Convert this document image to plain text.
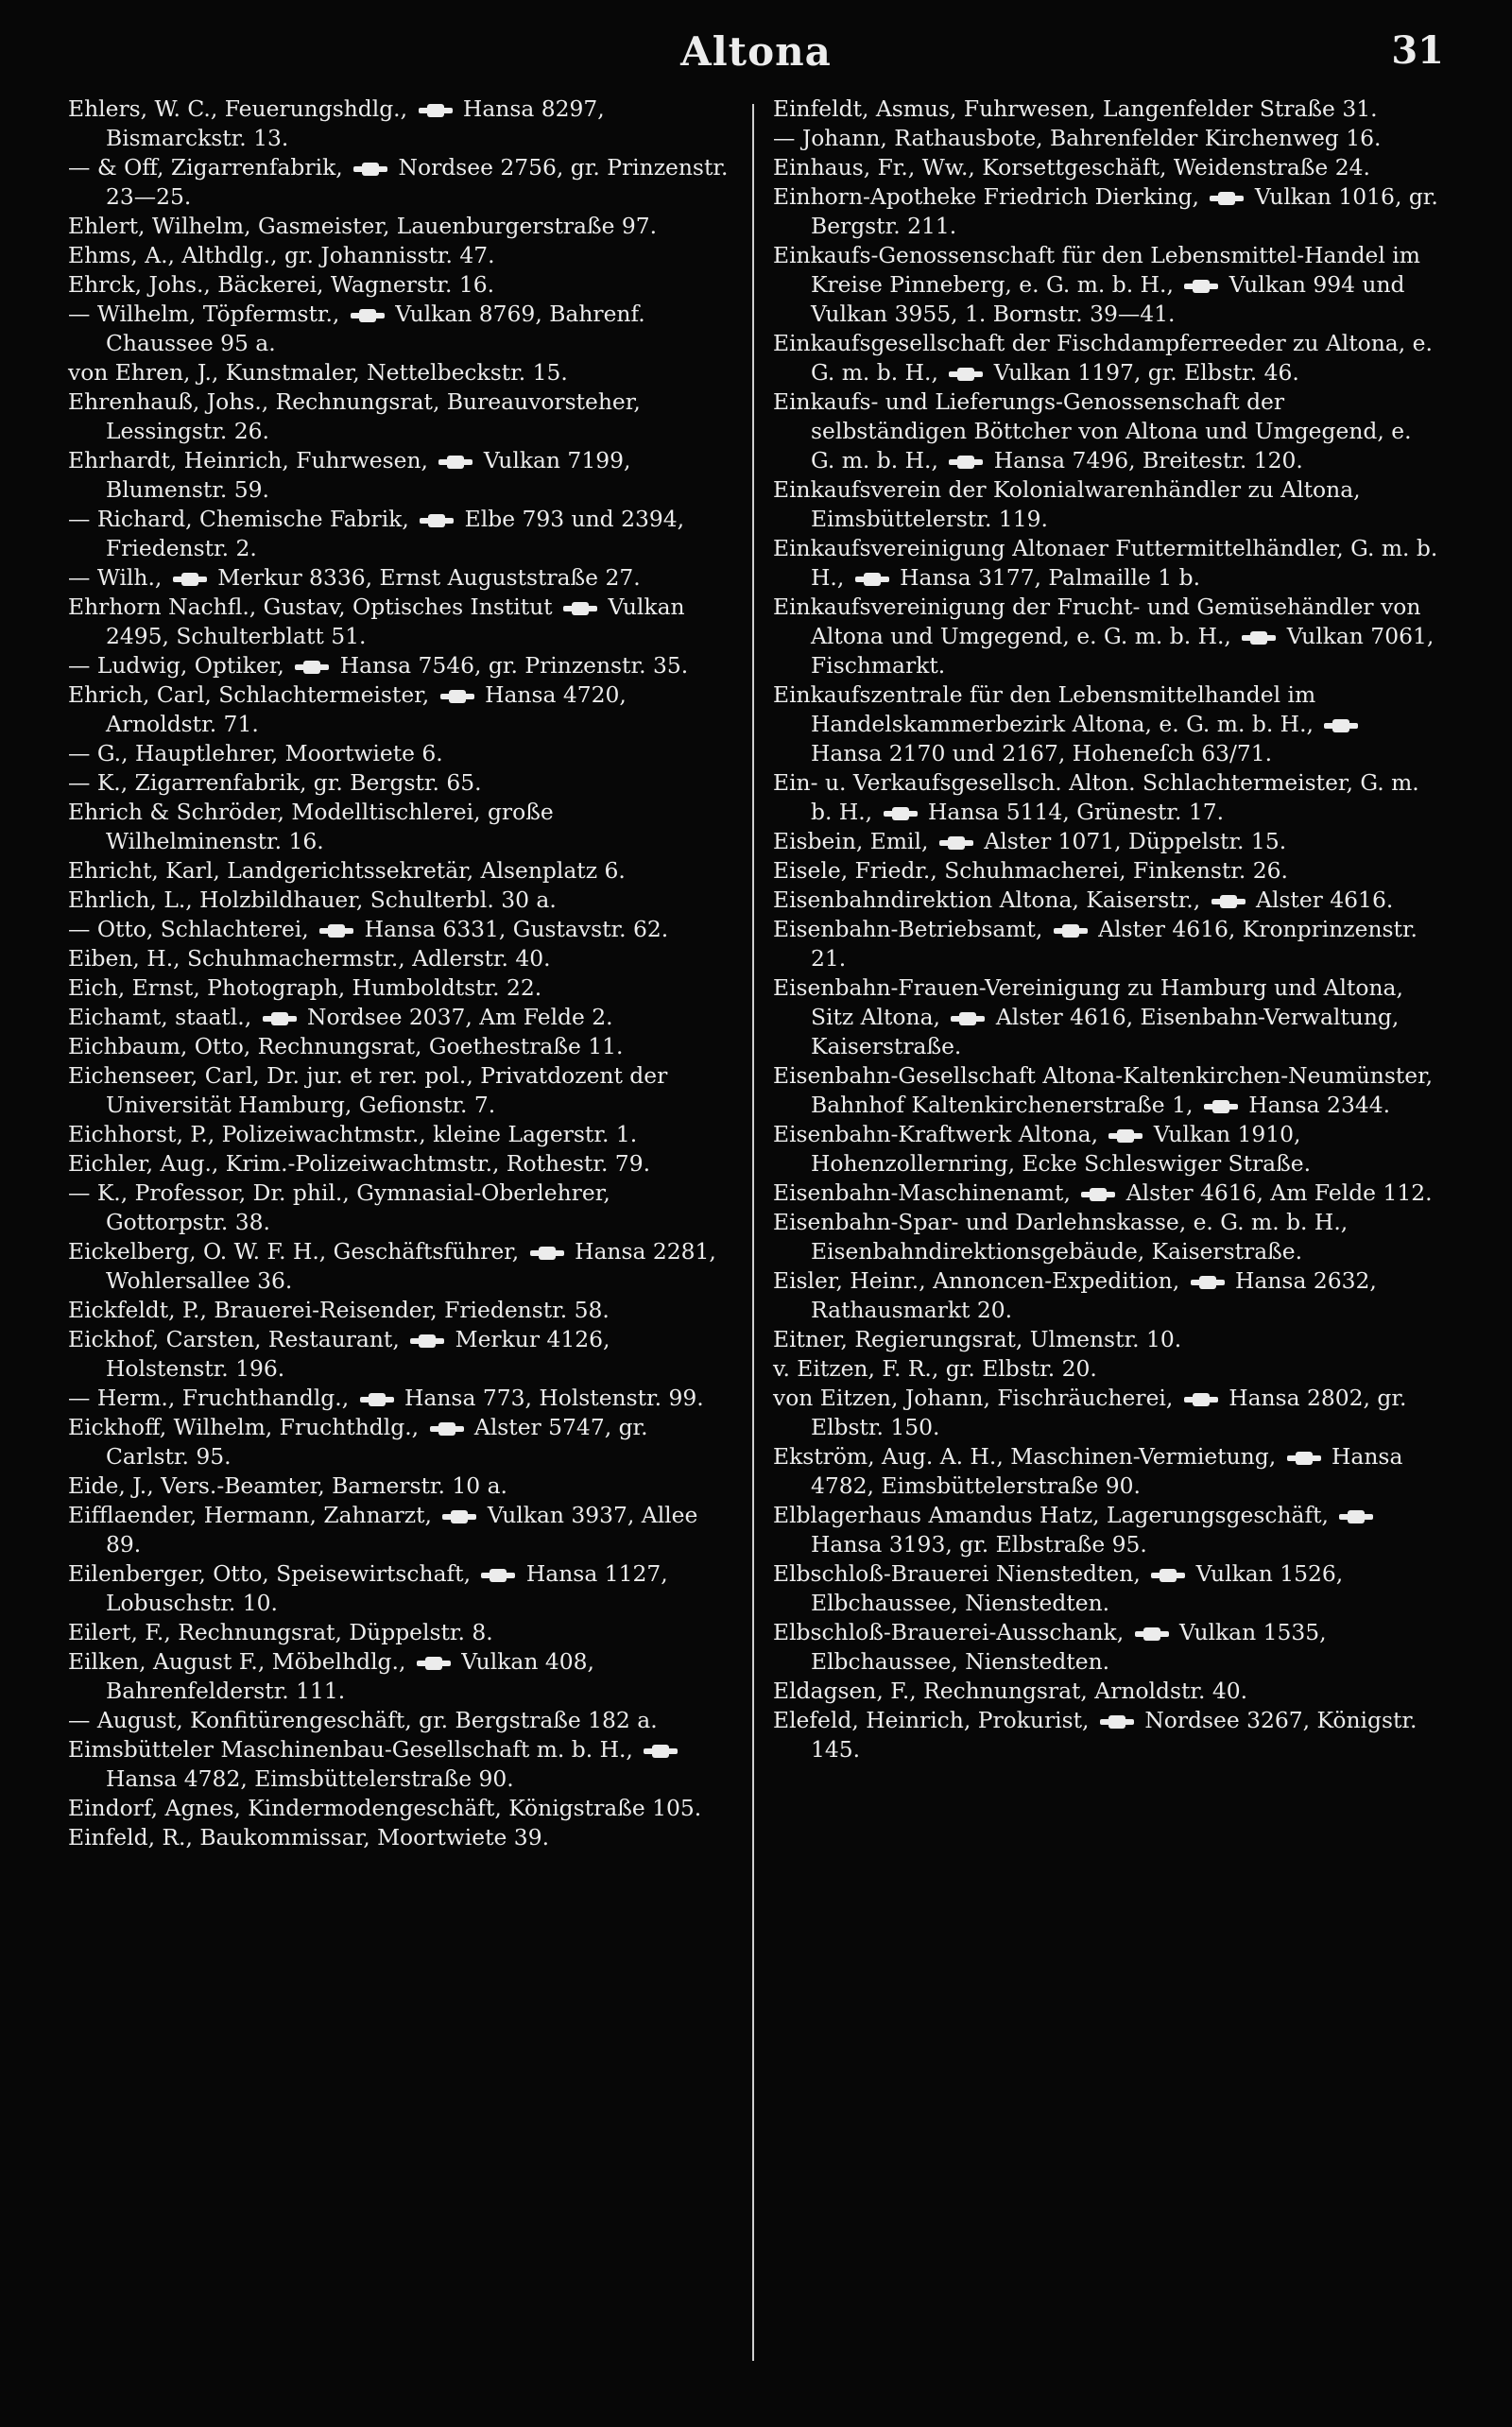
Altona	31

Ehlers, W. C., Feuerungshdlg.,  Hansa 8297, Bismarckstr. 13.

— & Off, Zigarrenfabrik,  Nordsee 2756, gr. Prinzenstr. 23—25.

Ehlert, Wilhelm, Gasmeister, Lauenburgerstraße 97.

Ehms, A., Althdlg., gr. Johannisstr. 47.

Ehrck, Johs., Bäckerei, Wagnerstr. 16.

— Wilhelm, Töpfermstr.,  Vulkan 8769, Bahrenf. Chaussee 95 a.

von Ehren, J., Kunstmaler, Nettelbeckstr. 15.

Ehrenhauß, Johs., Rechnungsrat, Bureauvorsteher, Lessingstr. 26.

Ehrhardt, Heinrich, Fuhrwesen,  Vulkan 7199, Blumenstr. 59.

— Richard, Chemische Fabrik,  Elbe 793 und 2394, Friedenstr. 2.

— Wilh.,  Merkur 8336, Ernst Auguststraße 27.

Ehrhorn Nachfl., Gustav, Optisches Institut  Vulkan 2495, Schulterblatt 51.

— Ludwig, Optiker,  Hansa 7546, gr. Prinzenstr. 35.

Ehrich, Carl, Schlachtermeister,  Hansa 4720, Arnoldstr. 71.

— G., Hauptlehrer, Moortwiete 6.

— K., Zigarrenfabrik, gr. Bergstr. 65.

Ehrich & Schröder, Modelltischlerei, große Wilhelminenstr. 16.

Ehricht, Karl, Landgerichtssekretär, Alsenplatz 6.

Ehrlich, L., Holzbildhauer, Schulterbl. 30 a.

— Otto, Schlachterei,  Hansa 6331, Gustavstr. 62.

Eiben, H., Schuhmachermstr., Adlerstr. 40.

Eich, Ernst, Photograph, Humboldtstr. 22.

Eichamt, staatl.,  Nordsee 2037, Am Felde 2.

Eichbaum, Otto, Rechnungsrat, Goethestraße 11.

Eichenseer, Carl, Dr. jur. et rer. pol., Privatdozent der Universität Hamburg, Gefionstr. 7.

Eichhorst, P., Polizeiwachtmstr., kleine Lagerstr. 1.

Eichler, Aug., Krim.-Polizeiwachtmstr., Rothestr. 79.

— K., Professor, Dr. phil., Gymnasial-Oberlehrer, Gottorpstr. 38.

Eickelberg, O. W. F. H., Geschäftsführer,  Hansa 2281, Wohlersallee 36.

Eickfeldt, P., Brauerei-Reisender, Friedenstr. 58.

Eickhof, Carsten, Restaurant,  Merkur 4126, Holstenstr. 196.

— Herm., Fruchthandlg.,  Hansa 773, Holstenstr. 99.

Eickhoff, Wilhelm, Fruchthdlg.,  Alster 5747, gr. Carlstr. 95.

Eide, J., Vers.-Beamter, Barnerstr. 10 a.

Eifflaender, Hermann, Zahnarzt,  Vulkan 3937, Allee 89.

Eilenberger, Otto, Speisewirtschaft,  Hansa 1127, Lobuschstr. 10.

Eilert, F., Rechnungsrat, Düppelstr. 8.

Eilken, August F., Möbelhdlg.,  Vulkan 408, Bahrenfelderstr. 111.

— August, Konfitürengeschäft, gr. Bergstraße 182 a.

Eimsbütteler Maschinenbau-Gesellschaft m. b. H.,  Hansa 4782, Eimsbüttelerstraße 90.

Eindorf, Agnes, Kindermodengeschäft, Königstraße 105.

Einfeld, R., Baukommissar, Moortwiete 39.

Einfeldt, Asmus, Fuhrwesen, Langenfelder Straße 31.

— Johann, Rathausbote, Bahrenfelder Kirchenweg 16.

Einhaus, Fr., Ww., Korsettgeschäft, Weidenstraße 24.

Einhorn-Apotheke Friedrich Dierking,  Vulkan 1016, gr. Bergstr. 211.

Einkaufs-Genossenschaft für den Lebensmittel-Handel im Kreise Pinneberg, e. G. m. b. H.,  Vulkan 994 und Vulkan 3955, 1. Bornstr. 39—41.

Einkaufsgesellschaft der Fischdampferreeder zu Altona, e. G. m. b. H.,  Vulkan 1197, gr. Elbstr. 46.

Einkaufs- und Lieferungs-Genossenschaft der selbständigen Böttcher von Altona und Umgegend, e. G. m. b. H.,  Hansa 7496, Breitestr. 120.

Einkaufsverein der Kolonialwarenhändler zu Altona, Eimsbüttelerstr. 119.

Einkaufsvereinigung Altonaer Futtermittelhändler, G. m. b. H.,  Hansa 3177, Palmaille 1 b.

Einkaufsvereinigung der Frucht- und Gemüsehändler von Altona und Umgegend, e. G. m. b. H.,  Vulkan 7061, Fischmarkt.

Einkaufszentrale für den Lebensmittelhandel im Handelskammerbezirk Altona, e. G. m. b. H.,  Hansa 2170 und 2167, Hoheneſch 63/71.

Ein- u. Verkaufsgesellsch. Alton. Schlachtermeister, G. m. b. H.,  Hansa 5114, Grünestr. 17.

Eisbein, Emil,  Alster 1071, Düppelstr. 15.

Eisele, Friedr., Schuhmacherei, Finkenstr. 26.

Eisenbahndirektion Altona, Kaiserstr.,  Alster 4616.

Eisenbahn-Betriebsamt,  Alster 4616, Kronprinzenstr. 21.

Eisenbahn-Frauen-Vereinigung zu Hamburg und Altona, Sitz Altona,  Alster 4616, Eisenbahn-Verwaltung, Kaiserstraße.

Eisenbahn-Gesellschaft Altona-Kaltenkirchen-Neumünster, Bahnhof Kaltenkirchenerstraße 1,  Hansa 2344.

Eisenbahn-Kraftwerk Altona,  Vulkan 1910, Hohenzollernring, Ecke Schleswiger Straße.

Eisenbahn-Maschinenamt,  Alster 4616, Am Felde 112.

Eisenbahn-Spar- und Darlehnskasse, e. G. m. b. H., Eisenbahndirektionsgebäude, Kaiserstraße.

Eisler, Heinr., Annoncen-Expedition,  Hansa 2632, Rathausmarkt 20.

Eitner, Regierungsrat, Ulmenstr. 10.

v. Eitzen, F. R., gr. Elbstr. 20.

von Eitzen, Johann, Fischräucherei,  Hansa 2802, gr. Elbstr. 150.

Ekström, Aug. A. H., Maschinen-Vermietung,  Hansa 4782, Eimsbüttelerstraße 90.

Elblagerhaus Amandus Hatz, Lagerungsgeschäft,  Hansa 3193, gr. Elbstraße 95.

Elbschloß-Brauerei Nienstedten,  Vulkan 1526, Elbchaussee, Nienstedten.

Elbschloß-Brauerei-Ausschank,  Vulkan 1535, Elbchaussee, Nienstedten.

Eldagsen, F., Rechnungsrat, Arnoldstr. 40.

Elefeld, Heinrich, Prokurist,  Nordsee 3267, Königstr. 145.
